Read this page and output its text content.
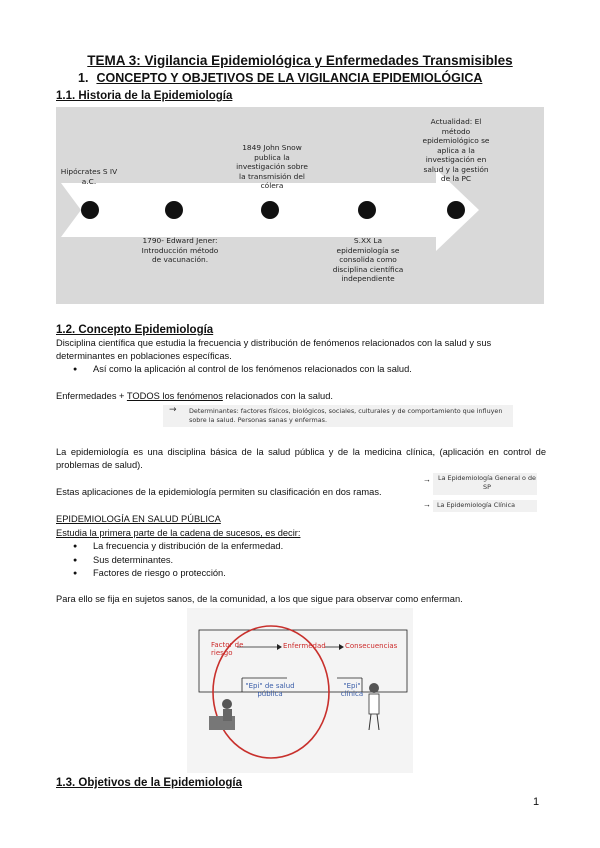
TEMA 3: Vigilancia Epidemiológica y Enfermedades Transmisibles
1. CONCEPTO Y OBJETIVOS DE LA VIGILANCIA EPIDEMIOLÓGICA
1.1. Historia de la Epidemiología
Hipócrates S IV a.C.
1849 John Snow publica la investigación sobre la transmisión del cólera
Actualidad: El método epidemiológico se aplica a la investigación en salud y la gestión de la PC
1790- Edward Jener: Introducción método de vacunación.
S.XX La epidemiología se consolida como disciplina científica independiente
1.2. Concepto Epidemiología
Disciplina científica que estudia la frecuencia y distribución de fenómenos relacionados con la salud y sus determinantes en poblaciones específicas.
● Así como la aplicación al control de los fenómenos relacionados con la salud.
Enfermedades + TODOS los fenómenos relacionados con la salud.
→ Determinantes: factores físicos, biológicos, sociales, culturales y de comportamiento que influyen sobre la salud. Personas sanas y enfermas.
La epidemiología es una disciplina básica de la salud pública y de la medicina clínica, (aplicación en control de problemas de salud).
Estas aplicaciones de la epidemiología permiten su clasificación en dos ramas.
→
→
La Epidemiología General o de SP
La Epidemiología Clínica
EPIDEMIOLOGÍA EN SALUD PÚBLICA
Estudia la primera parte de la cadena de sucesos, es decir:
● La frecuencia y distribución de la enfermedad.
● Sus determinantes.
● Factores de riesgo o protección.
Para ello se fija en sujetos sanos, de la comunidad, a los que sigue para observar como enferman.
Factor de riesgo
Enfermedad	Consecuencias
"Epi" de salud pública
"Epi" clínica
1.3. Objetivos de la Epidemiología
1
